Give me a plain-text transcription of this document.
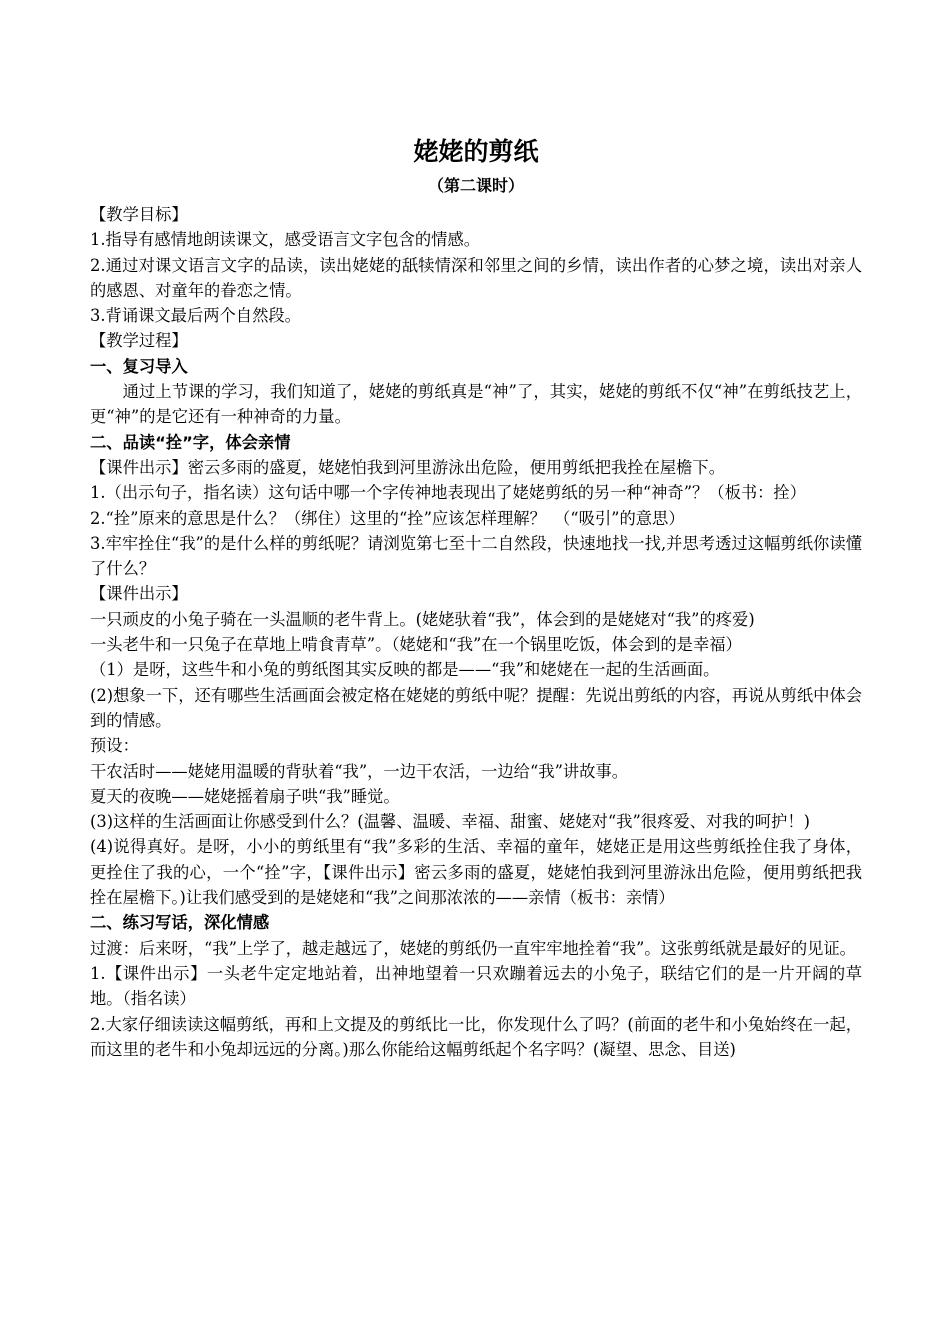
姥姥的剪纸
（第二课时）

【教学目标】

1.指导有感情地朗读课文，感受语言文字包含的情感。

2.通过对课文语言文字的品读，读出姥姥的舐犊情深和邻里之间的乡情，读出作者的心梦之境，读出对亲人的感恩、对童年的眷恋之情。

3.背诵课文最后两个自然段。

【教学过程】

一、复习导入

通过上节课的学习，我们知道了，姥姥的剪纸真是“神”了，其实，姥姥的剪纸不仅“神”在剪纸技艺上，更“神”的是它还有一种神奇的力量。

二、品读“拴”字，体会亲情

【课件出示】密云多雨的盛夏，姥姥怕我到河里游泳出危险，便用剪纸把我拴在屋檐下。

1.（出示句子，指名读）这句话中哪一个字传神地表现出了姥姥剪纸的另一种“神奇”？（板书：拴）

2.“拴”原来的意思是什么？（绑住）这里的“拴”应该怎样理解？　（“吸引”的意思）

3.牢牢拴住“我”的是什么样的剪纸呢？请浏览第七至十二自然段，快速地找一找,并思考透过这幅剪纸你读懂了什么？

【课件出示】

一只顽皮的小兔子骑在一头温顺的老牛背上。(姥姥驮着“我”，体会到的是姥姥对“我”的疼爱)

一头老牛和一只兔子在草地上啃食青草”。（姥姥和“我”在一个锅里吃饭，体会到的是幸福）

（1）是呀，这些牛和小兔的剪纸图其实反映的都是——“我”和姥姥在一起的生活画面。

(2)想象一下，还有哪些生活画面会被定格在姥姥的剪纸中呢？提醒：先说出剪纸的内容，再说从剪纸中体会到的情感。

预设：

干农活时——姥姥用温暖的背驮着“我”，一边干农活，一边给“我”讲故事。

夏天的夜晚——姥姥摇着扇子哄“我”睡觉。

(3)这样的生活画面让你感受到什么？(温馨、温暖、幸福、甜蜜、姥姥对“我”很疼爱、对我的呵护！)

(4)说得真好。是呀，小小的剪纸里有“我”多彩的生活、幸福的童年，姥姥正是用这些剪纸拴住我了身体，更拴住了我的心，一个“拴”字，【课件出示】密云多雨的盛夏，姥姥怕我到河里游泳出危险，便用剪纸把我拴在屋檐下。)让我们感受到的是姥姥和“我”之间那浓浓的——亲情（板书：亲情）

二、练习写话，深化情感

过渡：后来呀，“我”上学了，越走越远了，姥姥的剪纸仍一直牢牢地拴着“我”。这张剪纸就是最好的见证。

1.【课件出示】一头老牛定定地站着，出神地望着一只欢蹦着远去的小兔子，联结它们的是一片开阔的草地。（指名读）

2.大家仔细读读这幅剪纸，再和上文提及的剪纸比一比，你发现什么了吗？(前面的老牛和小兔始终在一起，而这里的老牛和小兔却远远的分离。)那么你能给这幅剪纸起个名字吗？(凝望、思念、目送)
